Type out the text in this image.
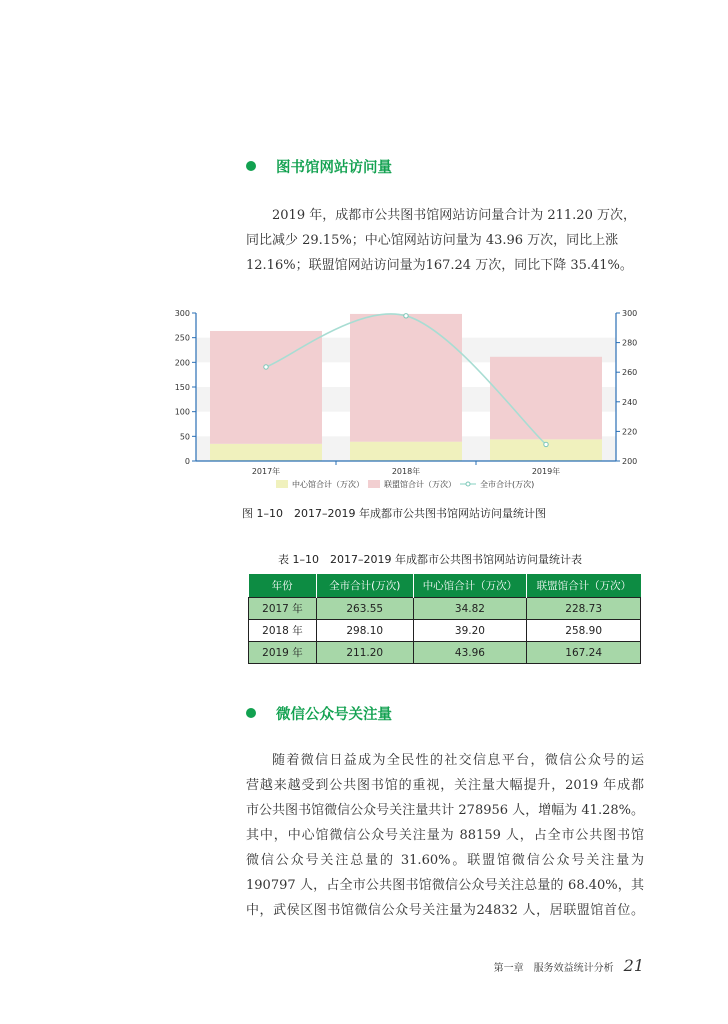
图书馆网站访问量

2019 年，成都市公共图书馆网站访问量合计为 211.20 万次，
同比减少 29.15%；中心馆网站访问量为 43.96 万次，同比上涨
12.16%；联盟馆网站访问量为167.24 万次，同比下降 35.41%。

0
50
100
150
200
250
300
200
220
240
260
280
300
2017年	2018年	2019年
中心馆合计（万次）	联盟馆合计（万次）	全市合计(万次)
图 1–10　2017–2019 年成都市公共图书馆网站访问量统计图
表 1–10　2017–2019 年成都市公共图书馆网站访问量统计表
年份	全市合计(万次)	中心馆合计（万次）	联盟馆合计（万次）
2017 年	263.55	34.82	228.73
2018 年	298.10	39.20	258.90
2019 年	211.20	43.96	167.24
微信公众号关注量

随着微信日益成为全民性的社交信息平台，微信公众号的运
营越来越受到公共图书馆的重视，关注量大幅提升，2019 年成都
市公共图书馆微信公众号关注量共计 278956 人，增幅为 41.28%。
其中，中心馆微信公众号关注量为 88159 人，占全市公共图书馆
微信公众号关注总量的 31.60%。联盟馆微信公众号关注量为
190797 人，占全市公共图书馆微信公众号关注总量的 68.40%，其
中，武侯区图书馆微信公众号关注量为24832 人，居联盟馆首位。

第一章　服务效益统计分析 21
